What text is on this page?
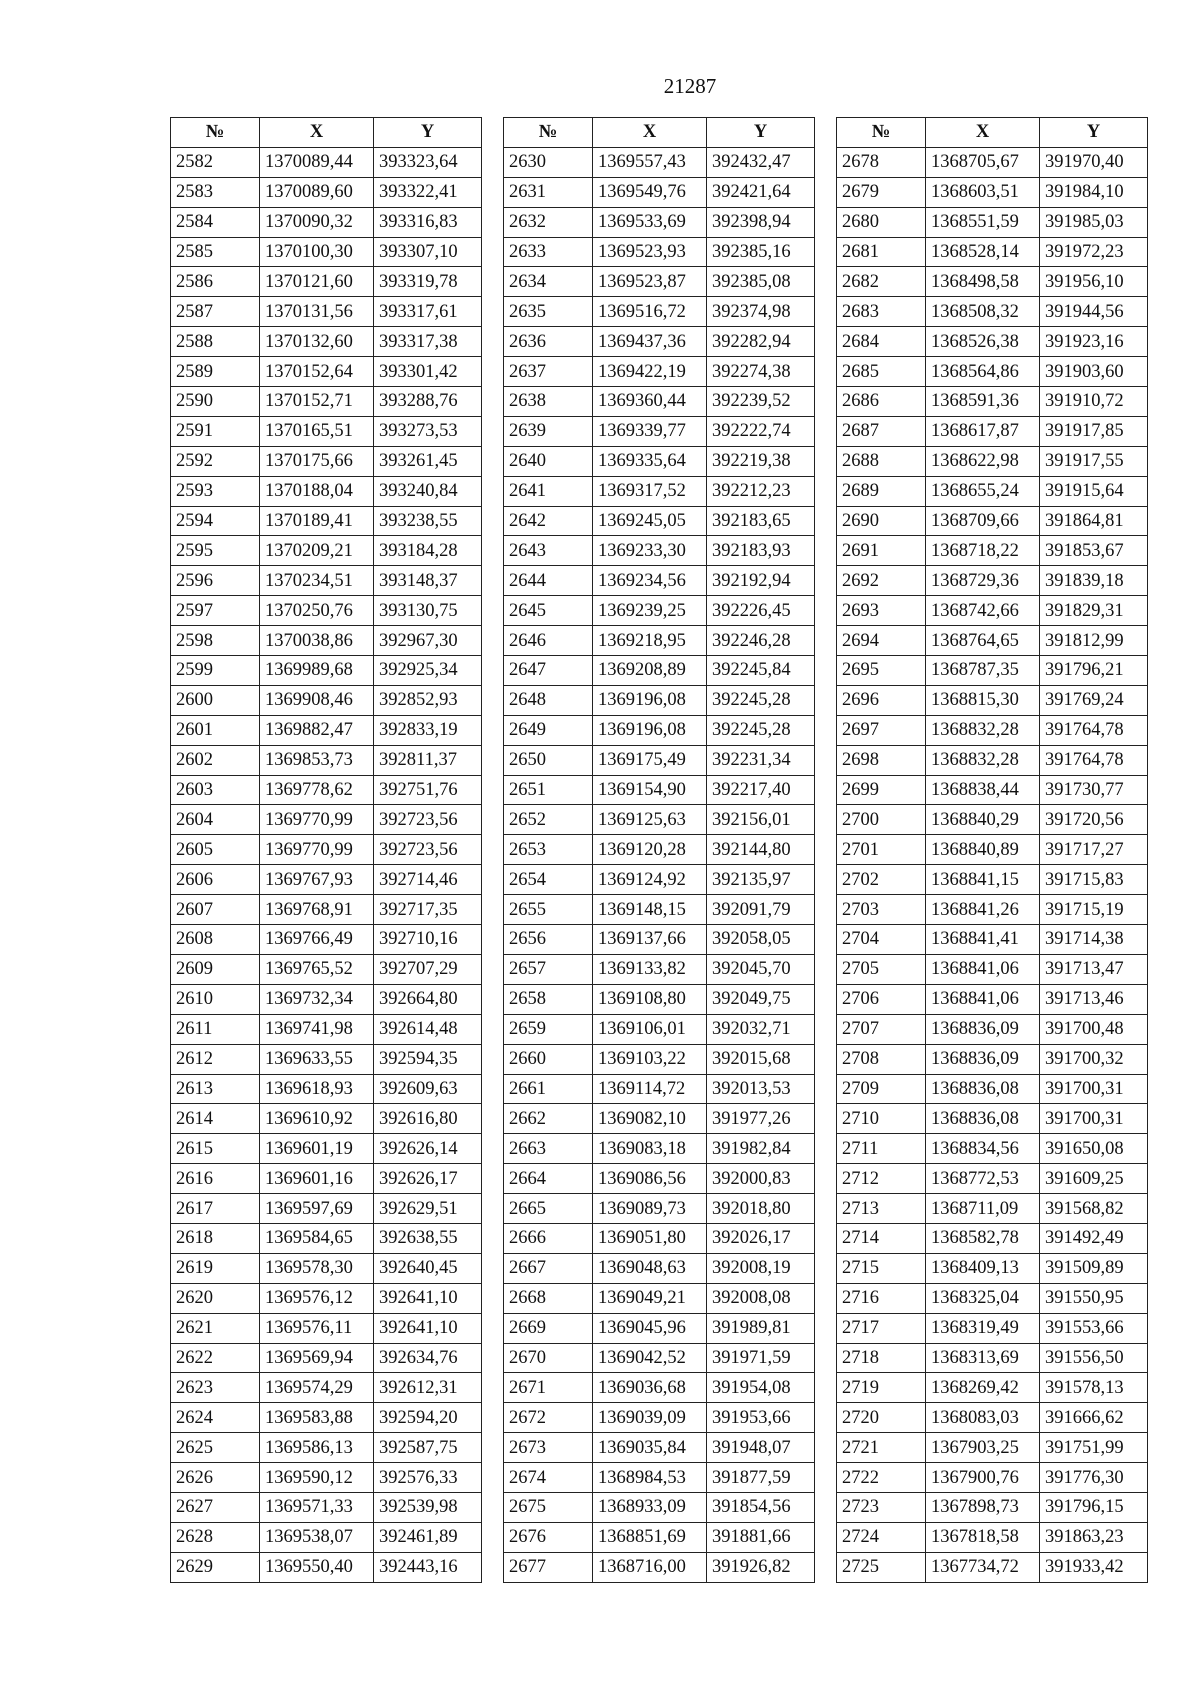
21287
№	X	Y
2582	1370089,44	393323,64
2583	1370089,60	393322,41
2584	1370090,32	393316,83
2585	1370100,30	393307,10
2586	1370121,60	393319,78
2587	1370131,56	393317,61
2588	1370132,60	393317,38
2589	1370152,64	393301,42
2590	1370152,71	393288,76
2591	1370165,51	393273,53
2592	1370175,66	393261,45
2593	1370188,04	393240,84
2594	1370189,41	393238,55
2595	1370209,21	393184,28
2596	1370234,51	393148,37
2597	1370250,76	393130,75
2598	1370038,86	392967,30
2599	1369989,68	392925,34
2600	1369908,46	392852,93
2601	1369882,47	392833,19
2602	1369853,73	392811,37
2603	1369778,62	392751,76
2604	1369770,99	392723,56
2605	1369770,99	392723,56
2606	1369767,93	392714,46
2607	1369768,91	392717,35
2608	1369766,49	392710,16
2609	1369765,52	392707,29
2610	1369732,34	392664,80
2611	1369741,98	392614,48
2612	1369633,55	392594,35
2613	1369618,93	392609,63
2614	1369610,92	392616,80
2615	1369601,19	392626,14
2616	1369601,16	392626,17
2617	1369597,69	392629,51
2618	1369584,65	392638,55
2619	1369578,30	392640,45
2620	1369576,12	392641,10
2621	1369576,11	392641,10
2622	1369569,94	392634,76
2623	1369574,29	392612,31
2624	1369583,88	392594,20
2625	1369586,13	392587,75
2626	1369590,12	392576,33
2627	1369571,33	392539,98
2628	1369538,07	392461,89
2629	1369550,40	392443,16
№	X	Y
2630	1369557,43	392432,47
2631	1369549,76	392421,64
2632	1369533,69	392398,94
2633	1369523,93	392385,16
2634	1369523,87	392385,08
2635	1369516,72	392374,98
2636	1369437,36	392282,94
2637	1369422,19	392274,38
2638	1369360,44	392239,52
2639	1369339,77	392222,74
2640	1369335,64	392219,38
2641	1369317,52	392212,23
2642	1369245,05	392183,65
2643	1369233,30	392183,93
2644	1369234,56	392192,94
2645	1369239,25	392226,45
2646	1369218,95	392246,28
2647	1369208,89	392245,84
2648	1369196,08	392245,28
2649	1369196,08	392245,28
2650	1369175,49	392231,34
2651	1369154,90	392217,40
2652	1369125,63	392156,01
2653	1369120,28	392144,80
2654	1369124,92	392135,97
2655	1369148,15	392091,79
2656	1369137,66	392058,05
2657	1369133,82	392045,70
2658	1369108,80	392049,75
2659	1369106,01	392032,71
2660	1369103,22	392015,68
2661	1369114,72	392013,53
2662	1369082,10	391977,26
2663	1369083,18	391982,84
2664	1369086,56	392000,83
2665	1369089,73	392018,80
2666	1369051,80	392026,17
2667	1369048,63	392008,19
2668	1369049,21	392008,08
2669	1369045,96	391989,81
2670	1369042,52	391971,59
2671	1369036,68	391954,08
2672	1369039,09	391953,66
2673	1369035,84	391948,07
2674	1368984,53	391877,59
2675	1368933,09	391854,56
2676	1368851,69	391881,66
2677	1368716,00	391926,82
№	X	Y
2678	1368705,67	391970,40
2679	1368603,51	391984,10
2680	1368551,59	391985,03
2681	1368528,14	391972,23
2682	1368498,58	391956,10
2683	1368508,32	391944,56
2684	1368526,38	391923,16
2685	1368564,86	391903,60
2686	1368591,36	391910,72
2687	1368617,87	391917,85
2688	1368622,98	391917,55
2689	1368655,24	391915,64
2690	1368709,66	391864,81
2691	1368718,22	391853,67
2692	1368729,36	391839,18
2693	1368742,66	391829,31
2694	1368764,65	391812,99
2695	1368787,35	391796,21
2696	1368815,30	391769,24
2697	1368832,28	391764,78
2698	1368832,28	391764,78
2699	1368838,44	391730,77
2700	1368840,29	391720,56
2701	1368840,89	391717,27
2702	1368841,15	391715,83
2703	1368841,26	391715,19
2704	1368841,41	391714,38
2705	1368841,06	391713,47
2706	1368841,06	391713,46
2707	1368836,09	391700,48
2708	1368836,09	391700,32
2709	1368836,08	391700,31
2710	1368836,08	391700,31
2711	1368834,56	391650,08
2712	1368772,53	391609,25
2713	1368711,09	391568,82
2714	1368582,78	391492,49
2715	1368409,13	391509,89
2716	1368325,04	391550,95
2717	1368319,49	391553,66
2718	1368313,69	391556,50
2719	1368269,42	391578,13
2720	1368083,03	391666,62
2721	1367903,25	391751,99
2722	1367900,76	391776,30
2723	1367898,73	391796,15
2724	1367818,58	391863,23
2725	1367734,72	391933,42
